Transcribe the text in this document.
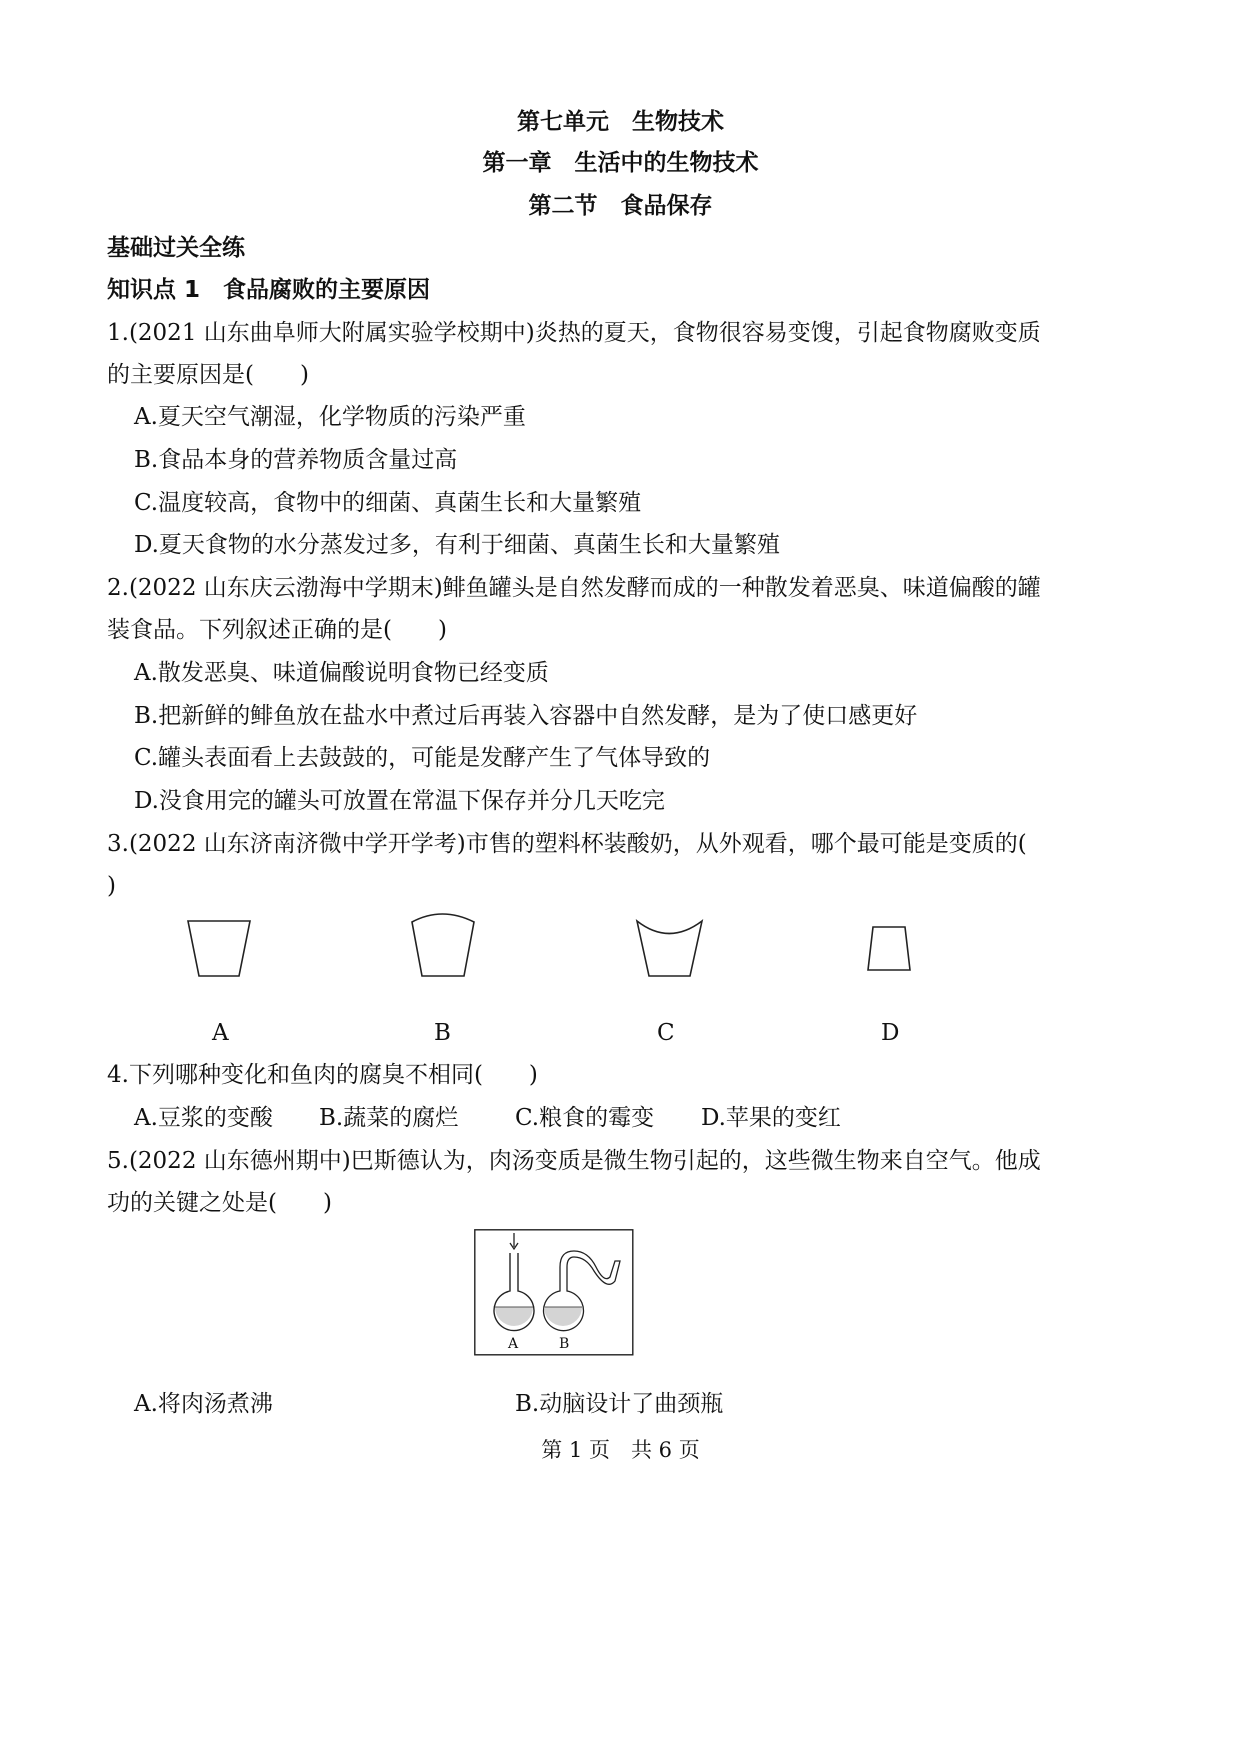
第七单元　生物技术
第一章　生活中的生物技术
第二节　食品保存
基础过关全练
知识点 1　食品腐败的主要原因
1.(2021 山东曲阜师大附属实验学校期中)炎热的夏天，食物很容易变馊，引起食物腐败变质
的主要原因是(　　)
A.夏天空气潮湿，化学物质的污染严重
B.食品本身的营养物质含量过高
C.温度较高，食物中的细菌、真菌生长和大量繁殖
D.夏天食物的水分蒸发过多，有利于细菌、真菌生长和大量繁殖
2.(2022 山东庆云渤海中学期末)鲱鱼罐头是自然发酵而成的一种散发着恶臭、味道偏酸的罐
装食品。下列叙述正确的是(　　)
A.散发恶臭、味道偏酸说明食物已经变质
B.把新鲜的鲱鱼放在盐水中煮过后再装入容器中自然发酵，是为了使口感更好
C.罐头表面看上去鼓鼓的，可能是发酵产生了气体导致的
D.没食用完的罐头可放置在常温下保存并分几天吃完
3.(2022 山东济南济微中学开学考)市售的塑料杯装酸奶，从外观看，哪个最可能是变质的(
)
A	B	C	D
4.下列哪种变化和鱼肉的腐臭不相同(　　)
A.豆浆的变酸 B.蔬菜的腐烂 C.粮食的霉变 D.苹果的变红
5.(2022 山东德州期中)巴斯德认为，肉汤变质是微生物引起的，这些微生物来自空气。他成
功的关键之处是(　　)
A	B
A.将肉汤煮沸	B.动脑设计了曲颈瓶
第 1 页　共 6 页
